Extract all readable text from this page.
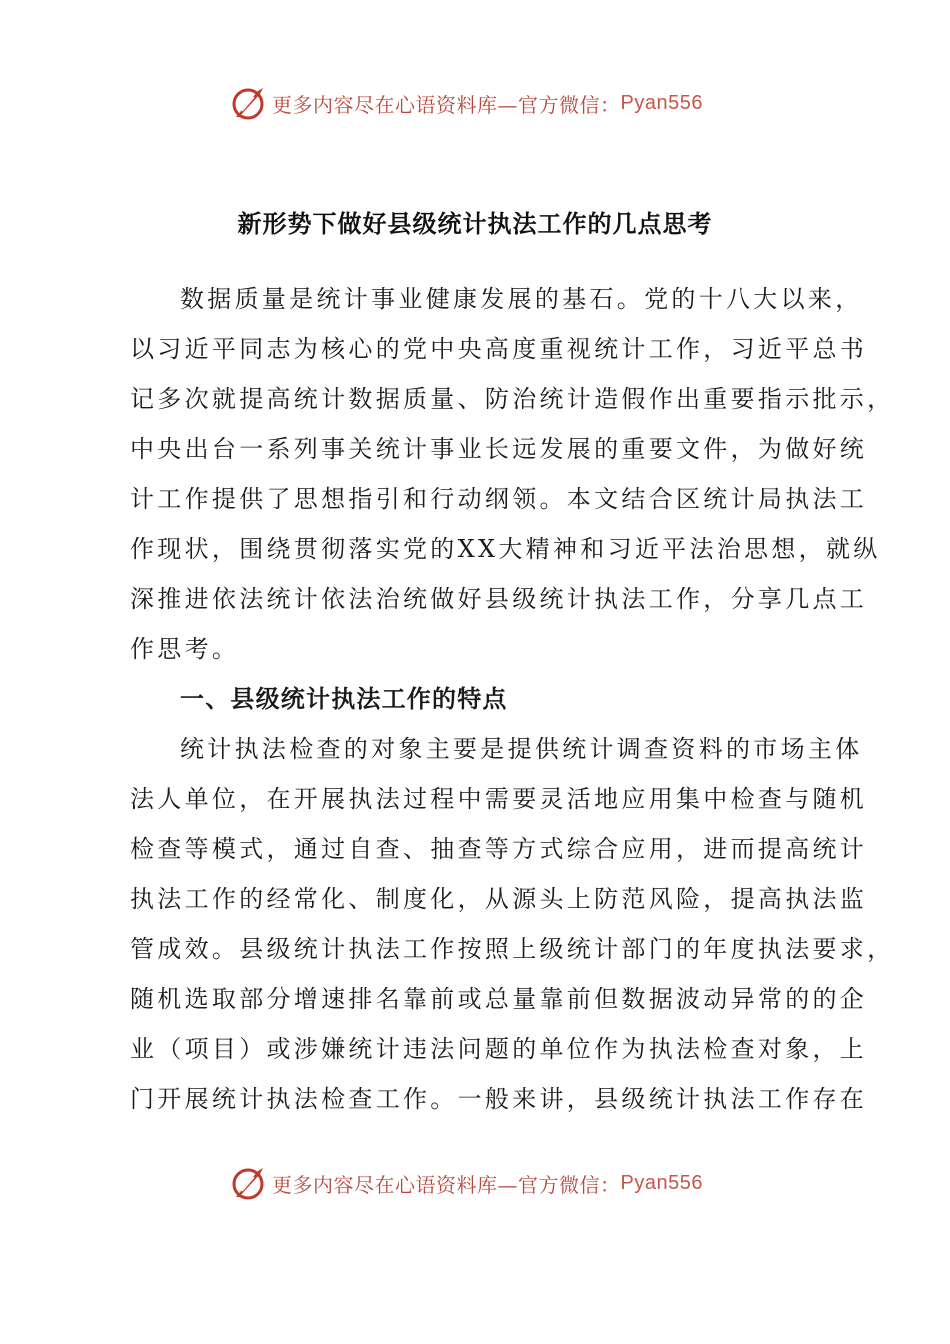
更多内容尽在心语资料库—官方微信： Pyan556
新形势下做好县级统计执法工作的几点思考
数据质量是统计事业健康发展的基石。党的十八大以来，
以习近平同志为核心的党中央高度重视统计工作，习近平总书
记多次就提高统计数据质量、防治统计造假作出重要指示批示，
中央出台一系列事关统计事业长远发展的重要文件，为做好统
计工作提供了思想指引和行动纲领。本文结合区统计局执法工
作现状，围绕贯彻落实党的XX大精神和习近平法治思想，就纵
深推进依法统计依法治统做好县级统计执法工作，分享几点工
作思考。
一、县级统计执法工作的特点
统计执法检查的对象主要是提供统计调查资料的市场主体
法人单位，在开展执法过程中需要灵活地应用集中检查与随机
检查等模式，通过自查、抽查等方式综合应用，进而提高统计
执法工作的经常化、制度化，从源头上防范风险，提高执法监
管成效。县级统计执法工作按照上级统计部门的年度执法要求，
随机选取部分增速排名靠前或总量靠前但数据波动异常的的企
业（项目）或涉嫌统计违法问题的单位作为执法检查对象，上
门开展统计执法检查工作。一般来讲，县级统计执法工作存在
更多内容尽在心语资料库—官方微信： Pyan556
